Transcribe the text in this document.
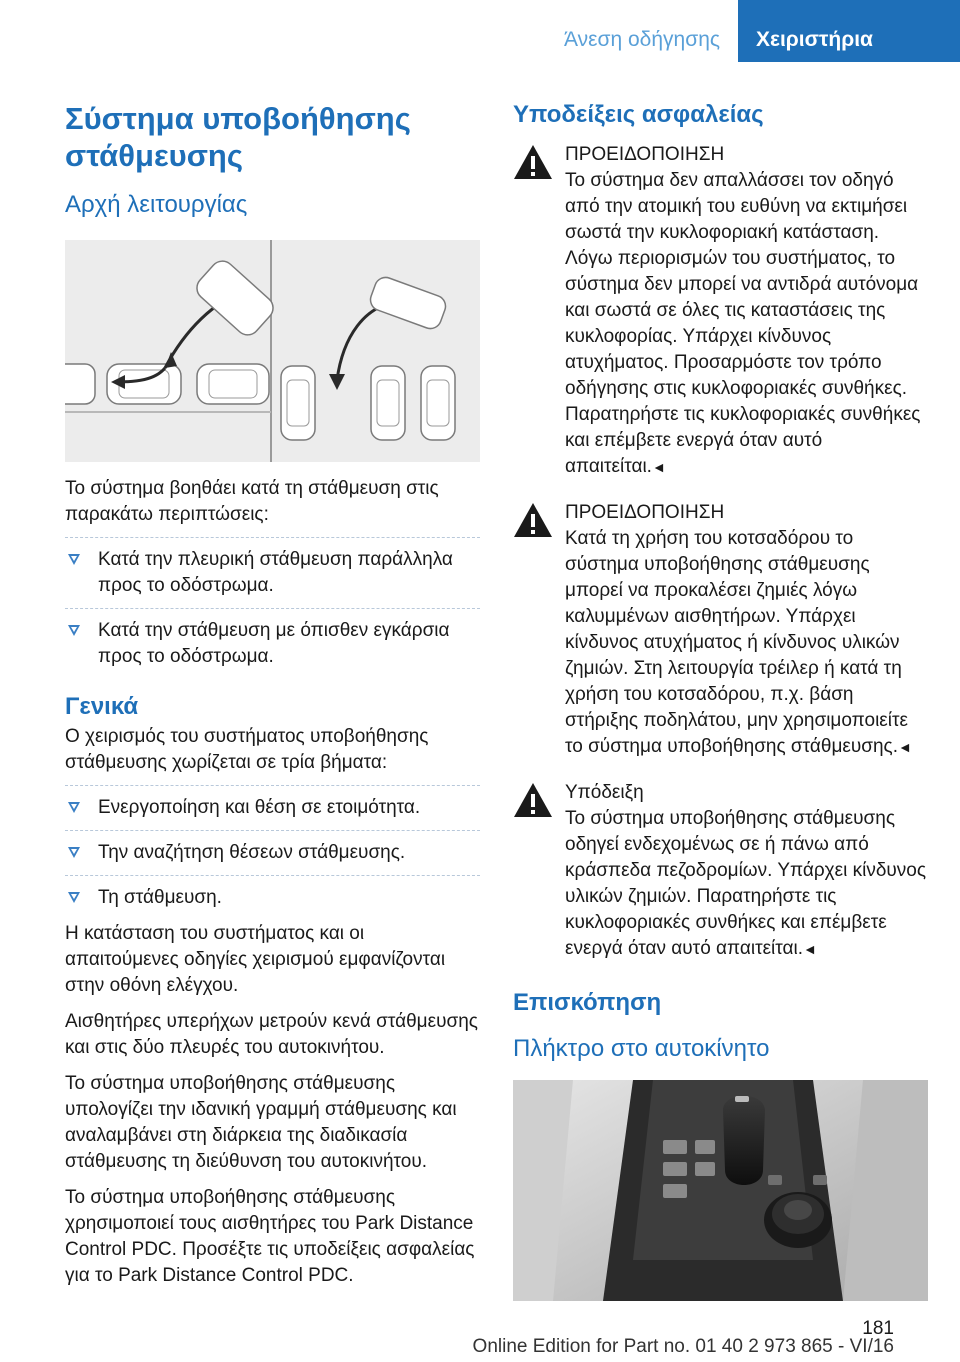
Άνεση οδήγησης Χειριστήρια
Σύστημα υποβοήθησης στάθμευσης
Αρχή λειτουργίας
Το σύστημα βοηθάει κατά τη στάθμευση στις παρακάτω περιπτώσεις:
Κατά την πλευρική στάθμευση παράλληλα προς το οδόστρωμα.
Κατά την στάθμευση με όπισθεν εγκάρσια προς το οδόστρωμα.
Γενικά
Ο χειρισμός του συστήματος υποβοήθησης στάθμευσης χωρίζεται σε τρία βήματα:
Ενεργοποίηση και θέση σε ετοιμότητα.
Την αναζήτηση θέσεων στάθμευσης.
Τη στάθμευση.
Η κατάσταση του συστήματος και οι απαιτούμενες οδηγίες χειρισμού εμφανίζονται στην οθόνη ελέγχου.
Αισθητήρες υπερήχων μετρούν κενά στάθμευσης και στις δύο πλευρές του αυτοκινήτου.
Το σύστημα υποβοήθησης στάθμευσης υπολογίζει την ιδανική γραμμή στάθμευσης και αναλαμβάνει στη διάρκεια της διαδικασία στάθμευσης τη διεύθυνση του αυτοκινήτου.
Το σύστημα υποβοήθησης στάθμευσης χρησιμοποιεί τους αισθητήρες του Park Distance Control PDC. Προσέξτε τις υποδείξεις ασφαλείας για το Park Distance Control PDC.
Υποδείξεις ασφαλείας
ΠΡΟΕΙΔΟΠΟΙΗΣΗ
Το σύστημα δεν απαλλάσσει τον οδηγό από την ατομική του ευθύνη να εκτιμήσει σωστά την κυκλοφοριακή κατάσταση. Λόγω περιορισμών του συστήματος, το σύστημα δεν μπορεί να αντιδρά αυτόνομα και σωστά σε όλες τις καταστάσεις της κυκλοφορίας. Υπάρχει κίνδυνος ατυχήματος. Προσαρμόστε τον τρόπο οδήγησης στις κυκλοφοριακές συνθήκες. Παρατηρήστε τις κυκλοφοριακές συνθήκες και επέμβετε ενεργά όταν αυτό απαιτείται.◄
ΠΡΟΕΙΔΟΠΟΙΗΣΗ
Κατά τη χρήση του κοτσαδόρου το σύστημα υποβοήθησης στάθμευσης μπορεί να προκαλέσει ζημιές λόγω καλυμμένων αισθητήρων. Υπάρχει κίνδυνος ατυχήματος ή κίνδυνος υλικών ζημιών. Στη λειτουργία τρέιλερ ή κατά τη χρήση του κοτσαδόρου, π.χ. βάση στήριξης ποδηλάτου, μην χρησιμοποιείτε το σύστημα υποβοήθησης στάθμευσης.◄
Υπόδειξη
Το σύστημα υποβοήθησης στάθμευσης οδηγεί ενδεχομένως σε ή πάνω από κράσπεδα πεζοδρομίων. Υπάρχει κίνδυνος υλικών ζημιών. Παρατηρήστε τις κυκλοφοριακές συνθήκες και επέμβετε ενεργά όταν αυτό απαιτείται.◄
Επισκόπηση
Πλήκτρο στο αυτοκίνητο
181
Online Edition for Part no. 01 40 2 973 865 - VI/16
